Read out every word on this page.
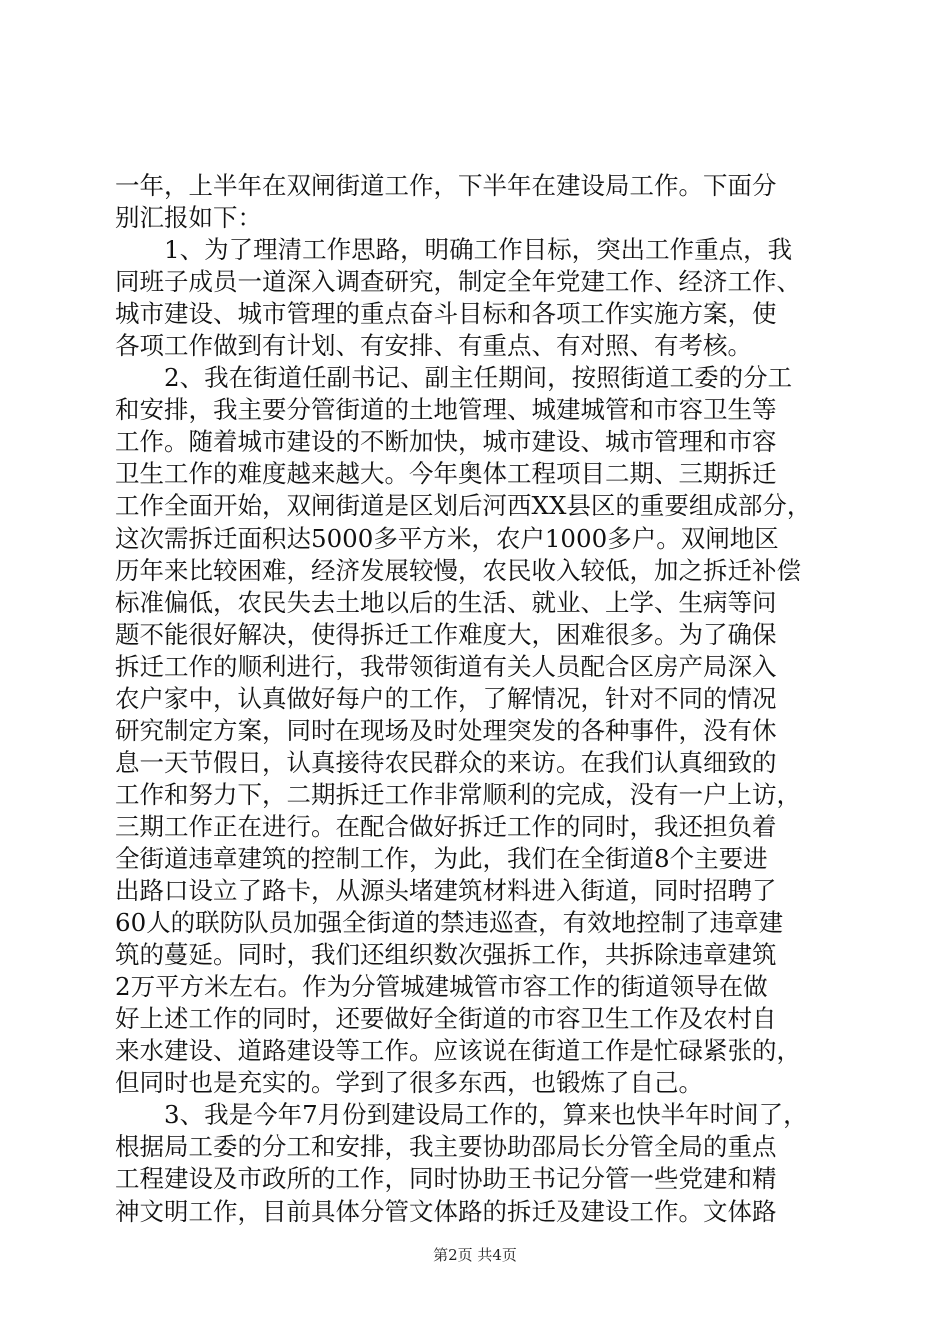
一年，上半年在双闸街道工作，下半年在建设局工作。下面分
别汇报如下：
　　1、为了理清工作思路，明确工作目标，突出工作重点，我
同班子成员一道深入调查研究，制定全年党建工作、经济工作、
城市建设、城市管理的重点奋斗目标和各项工作实施方案，使
各项工作做到有计划、有安排、有重点、有对照、有考核。
　　2、我在街道任副书记、副主任期间，按照街道工委的分工
和安排，我主要分管街道的土地管理、城建城管和市容卫生等
工作。随着城市建设的不断加快，城市建设、城市管理和市容
卫生工作的难度越来越大。今年奥体工程项目二期、三期拆迁
工作全面开始，双闸街道是区划后河西XX县区的重要组成部分，
这次需拆迁面积达5000多平方米，农户1000多户。双闸地区
历年来比较困难，经济发展较慢，农民收入较低，加之拆迁补偿
标准偏低，农民失去土地以后的生活、就业、上学、生病等问
题不能很好解决，使得拆迁工作难度大，困难很多。为了确保
拆迁工作的顺利进行，我带领街道有关人员配合区房产局深入
农户家中，认真做好每户的工作，了解情况，针对不同的情况
研究制定方案，同时在现场及时处理突发的各种事件，没有休
息一天节假日，认真接待农民群众的来访。在我们认真细致的
工作和努力下，二期拆迁工作非常顺利的完成，没有一户上访，
三期工作正在进行。在配合做好拆迁工作的同时，我还担负着
全街道违章建筑的控制工作，为此，我们在全街道8个主要进
出路口设立了路卡，从源头堵建筑材料进入街道，同时招聘了
60人的联防队员加强全街道的禁违巡查，有效地控制了违章建
筑的蔓延。同时，我们还组织数次强拆工作，共拆除违章建筑
2万平方米左右。作为分管城建城管市容工作的街道领导在做
好上述工作的同时，还要做好全街道的市容卫生工作及农村自
来水建设、道路建设等工作。应该说在街道工作是忙碌紧张的，
但同时也是充实的。学到了很多东西，也锻炼了自己。
　　3、我是今年7月份到建设局工作的，算来也快半年时间了，
根据局工委的分工和安排，我主要协助邵局长分管全局的重点
工程建设及市政所的工作，同时协助王书记分管一些党建和精
神文明工作，目前具体分管文体路的拆迁及建设工作。文体路
第2页 共4页
